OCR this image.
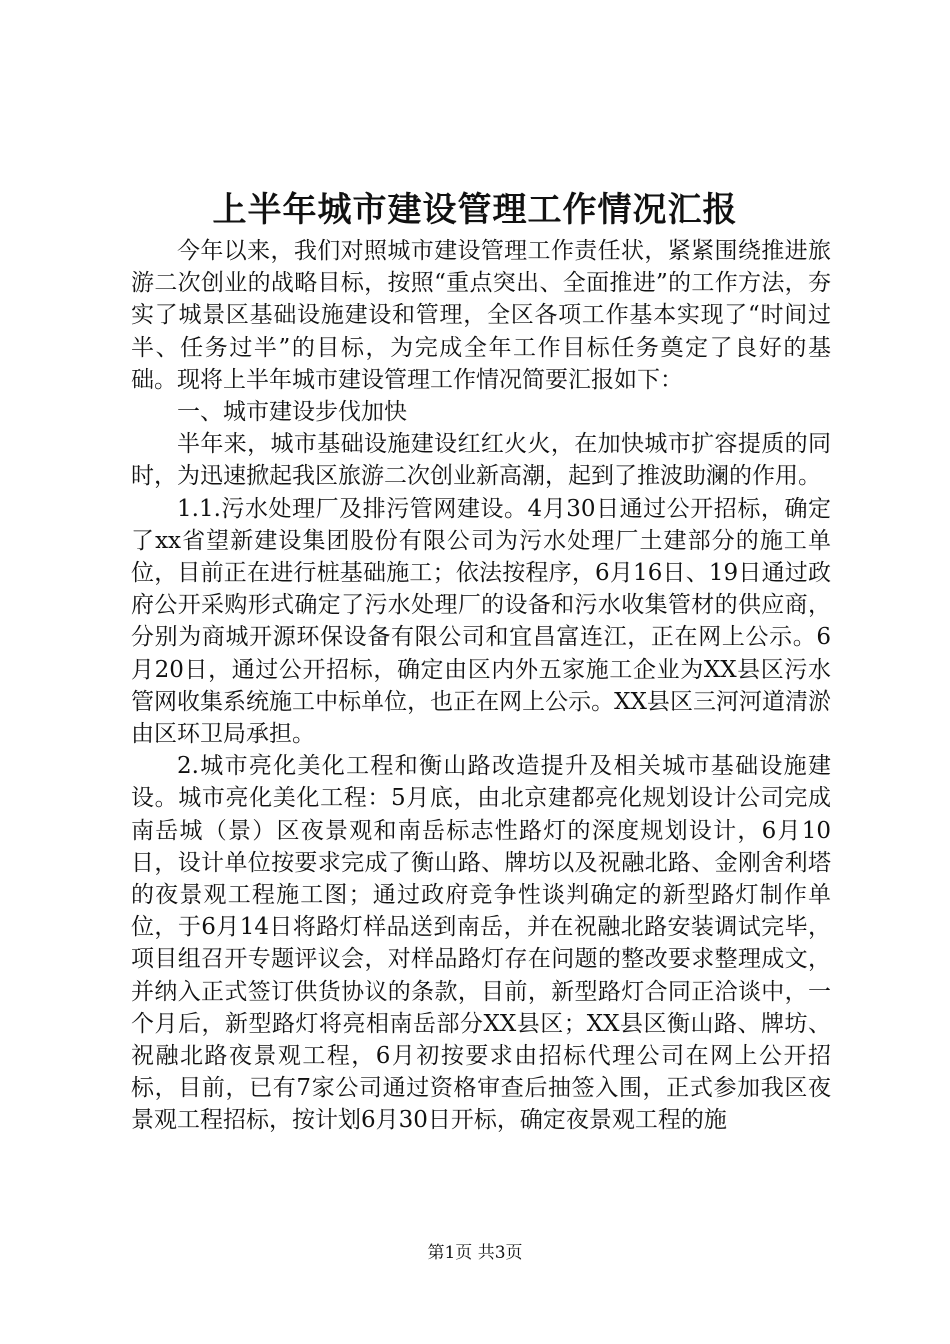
上半年城市建设管理工作情况汇报

今年以来，我们对照城市建设管理工作责任状，紧紧围绕推进旅游二次创业的战略目标，按照“重点突出、全面推进”的工作方法，夯实了城景区基础设施建设和管理，全区各项工作基本实现了“时间过半、任务过半”的目标，为完成全年工作目标任务奠定了良好的基础。现将上半年城市建设管理工作情况简要汇报如下：

一、城市建设步伐加快

半年来，城市基础设施建设红红火火，在加快城市扩容提质的同时，为迅速掀起我区旅游二次创业新高潮，起到了推波助澜的作用。

1.1.污水处理厂及排污管网建设。4月30日通过公开招标，确定了xx省望新建设集团股份有限公司为污水处理厂土建部分的施工单位，目前正在进行桩基础施工；依法按程序，6月16日、19日通过政府公开采购形式确定了污水处理厂的设备和污水收集管材的供应商，分别为商城开源环保设备有限公司和宜昌富连江，正在网上公示。6月20日，通过公开招标，确定由区内外五家施工企业为XX县区污水管网收集系统施工中标单位，也正在网上公示。XX县区三河河道清淤由区环卫局承担。

2.城市亮化美化工程和衡山路改造提升及相关城市基础设施建设。城市亮化美化工程：5月底，由北京建都亮化规划设计公司完成南岳城（景）区夜景观和南岳标志性路灯的深度规划设计，6月10日，设计单位按要求完成了衡山路、牌坊以及祝融北路、金刚舍利塔的夜景观工程施工图；通过政府竞争性谈判确定的新型路灯制作单位，于6月14日将路灯样品送到南岳，并在祝融北路安装调试完毕，项目组召开专题评议会，对样品路灯存在问题的整改要求整理成文，并纳入正式签订供货协议的条款，目前，新型路灯合同正洽谈中，一个月后，新型路灯将亮相南岳部分XX县区；XX县区衡山路、牌坊、祝融北路夜景观工程，6月初按要求由招标代理公司在网上公开招标，目前，已有7家公司通过资格审查后抽签入围，正式参加我区夜景观工程招标，按计划6月30日开标，确定夜景观工程的施

第1页 共3页
